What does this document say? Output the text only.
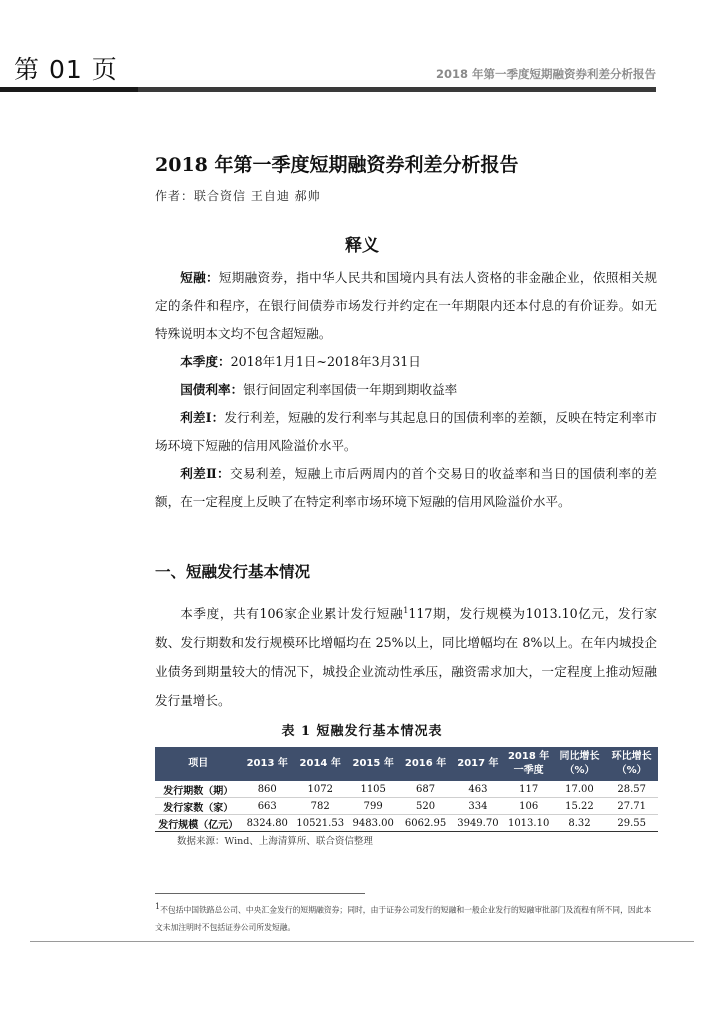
第 01 页	2018 年第一季度短期融资券利差分析报告
2018 年第一季度短期融资券利差分析报告
作者：联合资信 王自迪 郝帅
释义

短融：短期融资券，指中华人民共和国境内具有法人资格的非金融企业，依照相关规定的条件和程序，在银行间债券市场发行并约定在一年期限内还本付息的有价证券。如无特殊说明本文均不包含超短融。

本季度：2018年1月1日~2018年3月31日

国债利率：银行间固定利率国债一年期到期收益率

利差Ⅰ：发行利差，短融的发行利率与其起息日的国债利率的差额，反映在特定利率市场环境下短融的信用风险溢价水平。

利差Ⅱ：交易利差，短融上市后两周内的首个交易日的收益率和当日的国债利率的差额，在一定程度上反映了在特定利率市场环境下短融的信用风险溢价水平。

一、短融发行基本情况

本季度，共有106家企业累计发行短融$^1$117期，发行规模为1013.10亿元，发行家数、发行期数和发行规模环比增幅均在 25%以上，同比增幅均在 8%以上。在年内城投企业债务到期量较大的情况下，城投企业流动性承压，融资需求加大，一定程度上推动短融发行量增长。

表 1 短融发行基本情况表
项目	2013 年	2014 年	2015 年	2016 年	2017 年	2018 年一季度	同比增长（%）	环比增长（%）
发行期数（期）	860	1072	1105	687	463	117	17.00	28.57
发行家数（家）	663	782	799	520	334	106	15.22	27.71
发行规模（亿元）	8324.80	10521.53	9483.00	6062.95	3949.70	1013.10	8.32	29.55
数据来源：Wind、上海清算所、联合资信整理
$^1$不包括中国铁路总公司、中央汇金发行的短期融资券；同时，由于证券公司发行的短融和一般企业发行的短融审批部门及流程有所不同，因此本文未加注明时不包括证券公司所发短融。
